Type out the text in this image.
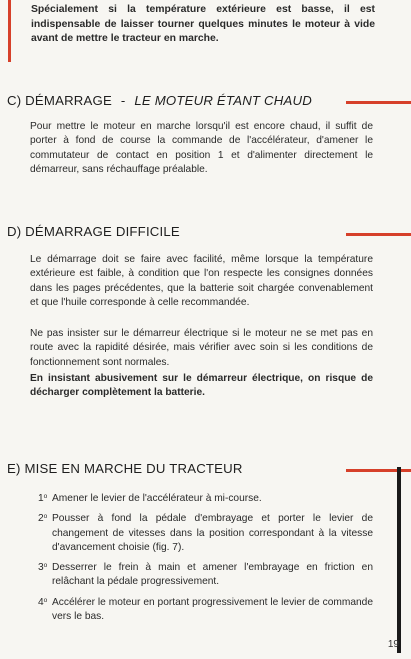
Spécialement si la température extérieure est basse, il est indispensable de laisser tourner quelques minutes le moteur à vide avant de mettre le tracteur en marche.
C) DÉMARRAGE - LE MOTEUR ÉTANT CHAUD
Pour mettre le moteur en marche lorsqu'il est encore chaud, il suffit de porter à fond de course la commande de l'accélérateur, d'amener le commutateur de contact en position 1 et d'alimenter directement le démarreur, sans réchauffage préalable.
D) DÉMARRAGE DIFFICILE
Le démarrage doit se faire avec facilité, même lorsque la température extérieure est faible, à condition que l'on respecte les consignes données dans les pages précédentes, que la batterie soit chargée convenablement et que l'huile corresponde à celle recommandée.
Ne pas insister sur le démarreur électrique si le moteur ne se met pas en route avec la rapidité désirée, mais vérifier avec soin si les conditions de fonctionnement sont normales.
En insistant abusivement sur le démarreur électrique, on risque de décharger complètement la batterie.
E) MISE EN MARCHE DU TRACTEUR
1$^o$ Amener le levier de l'accélérateur à mi-course.
2$^o$ Pousser à fond la pédale d'embrayage et porter le levier de changement de vitesses dans la position correspondant à la vitesse d'avancement choisie (fig. 7).
3$^o$ Desserrer le frein à main et amener l'embrayage en friction en relâchant la pédale progressivement.
4$^o$ Accélérer le moteur en portant progressivement le levier de commande vers le bas.
19
